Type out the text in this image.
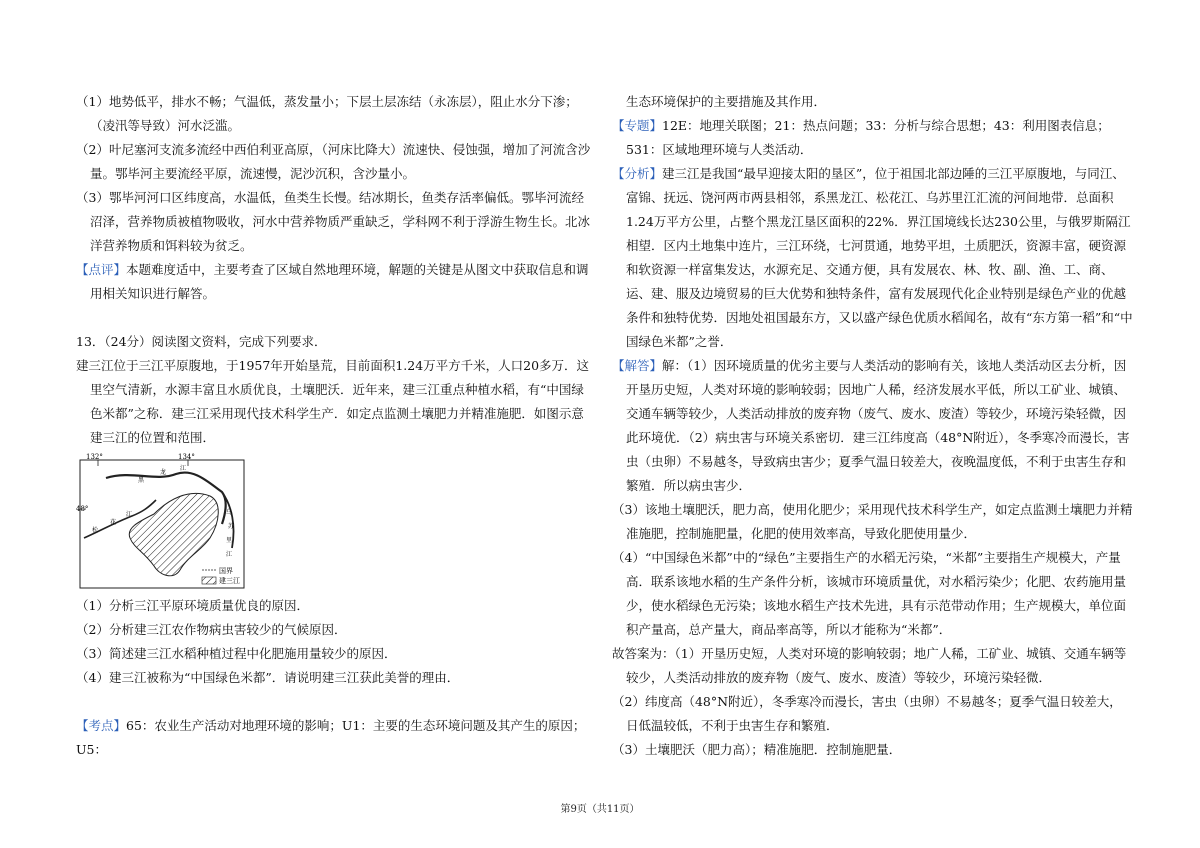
（1）地势低平，排水不畅；气温低，蒸发量小；下层土层冻结（永冻层），阻止水分下渗；（凌汛等导致）河水泛滥。

（2）叶尼塞河支流多流经中西伯利亚高原，（河床比降大）流速快、侵蚀强，增加了河流含沙量。鄂毕河主要流经平原，流速慢，泥沙沉积，含沙量小。

（3）鄂毕河河口区纬度高，水温低，鱼类生长慢。结冰期长，鱼类存活率偏低。鄂毕河流经沼泽，营养物质被植物吸收，河水中营养物质严重缺乏，学科网不利于浮游生物生长。北冰洋营养物质和饵料较为贫乏。

【点评】本题难度适中，主要考查了区域自然地理环境，解题的关键是从图文中获取信息和调用相关知识进行解答。

13．（24分）阅读图文资料，完成下列要求．

建三江位于三江平原腹地，于1957年开始垦荒，目前面积1.24万平方千米，人口20多万．这里空气清新，水源丰富且水质优良，土壤肥沃．近年来，建三江重点种植水稻，有“中国绿色米都”之称．建三江采用现代技术科学生产．如定点监测土壤肥力并精准施肥．如图示意建三江的位置和范围．

132°	134°
48°
黑
龙
江
乌
苏
里
江
松
花
江
国界
建三江

（1）分析三江平原环境质量优良的原因．

（2）分析建三江农作物病虫害较少的气候原因．

（3）简述建三江水稻种植过程中化肥施用量较少的原因．

（4）建三江被称为“中国绿色米都”．请说明建三江获此美誉的理由．

【考点】65：农业生产活动对地理环境的影响；U1：主要的生态环境问题及其产生的原因；U5：

生态环境保护的主要措施及其作用．

【专题】12E：地理关联图；21：热点问题；33：分析与综合思想；43：利用图表信息；531：区域地理环境与人类活动．

【分析】建三江是我国“最早迎接太阳的垦区”，位于祖国北部边陲的三江平原腹地，与同江、富锦、抚远、饶河两市两县相邻，系黑龙江、松花江、乌苏里江汇流的河间地带．总面积1.24万平方公里，占整个黑龙江垦区面积的22%．界江国境线长达230公里，与俄罗斯隔江相望．区内土地集中连片，三江环绕，七河贯通，地势平坦，土质肥沃，资源丰富，硬资源和软资源一样富集发达，水源充足、交通方便，具有发展农、林、牧、副、渔、工、商、运、建、服及边境贸易的巨大优势和独特条件，富有发展现代化企业特别是绿色产业的优越条件和独特优势．因地处祖国最东方，又以盛产绿色优质水稻闻名，故有“东方第一稻”和“中国绿色米都”之誉．

【解答】解：（1）因环境质量的优劣主要与人类活动的影响有关，该地人类活动区去分析，因开垦历史短，人类对环境的影响较弱；因地广人稀，经济发展水平低，所以工矿业、城镇、交通车辆等较少，人类活动排放的废弃物（废气、废水、废渣）等较少，环境污染轻微，因此环境优．（2）病虫害与环境关系密切．建三江纬度高（48°N附近），冬季寒冷而漫长，害虫（虫卵）不易越冬，导致病虫害少；夏季气温日较差大，夜晚温度低，不利于虫害生存和繁殖．所以病虫害少．

（3）该地土壤肥沃，肥力高，使用化肥少；采用现代技术科学生产，如定点监测土壤肥力并精准施肥，控制施肥量，化肥的使用效率高，导致化肥使用量少．

（4）“中国绿色米都”中的“绿色”主要指生产的水稻无污染，“米都”主要指生产规模大，产量高．联系该地水稻的生产条件分析，该城市环境质量优，对水稻污染少；化肥、农药施用量少，使水稻绿色无污染；该地水稻生产技术先进，具有示范带动作用；生产规模大，单位面积产量高，总产量大，商品率高等，所以才能称为“米都”．

故答案为：（1）开垦历史短，人类对环境的影响较弱；地广人稀，工矿业、城镇、交通车辆等较少，人类活动排放的废弃物（废气、废水、废渣）等较少，环境污染轻微．

（2）纬度高（48°N附近），冬季寒冷而漫长，害虫（虫卵）不易越冬；夏季气温日较差大，日低温较低，不利于虫害生存和繁殖．

（3）土壤肥沃（肥力高）；精准施肥．控制施肥量．

第9页（共11页）
